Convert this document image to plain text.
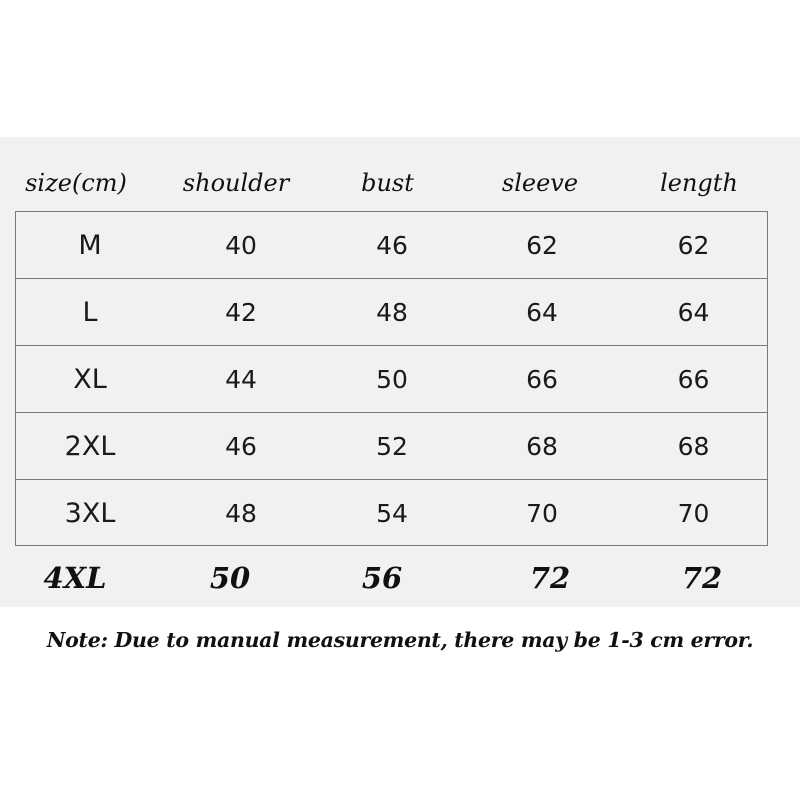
size(cm)	shoulder	bust	sleeve	length
M	40	46	62	62
L	42	48	64	64
XL	44	50	66	66
2XL	46	52	68	68
3XL	48	54	70	70
4XL	50	56	72	72
Note: Due to manual measurement, there may be 1-3 cm error.
